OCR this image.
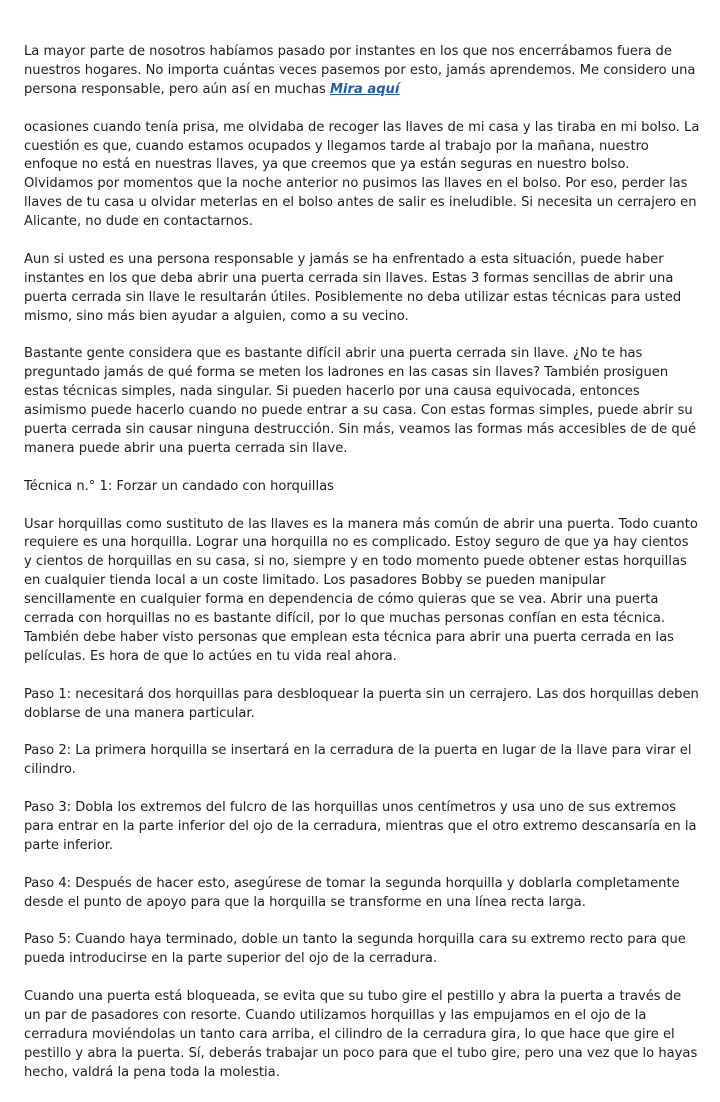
La mayor parte de nosotros habíamos pasado por instantes en los que nos encerrábamos fuera de nuestros hogares. No importa cuántas veces pasemos por esto, jamás aprendemos. Me considero una persona responsable, pero aún así en muchas Mira aquí

ocasiones cuando tenía prisa, me olvidaba de recoger las llaves de mi casa y las tiraba en mi bolso. La cuestión es que, cuando estamos ocupados y llegamos tarde al trabajo por la mañana, nuestro enfoque no está en nuestras llaves, ya que creemos que ya están seguras en nuestro bolso. Olvidamos por momentos que la noche anterior no pusimos las llaves en el bolso. Por eso, perder las llaves de tu casa u olvidar meterlas en el bolso antes de salir es ineludible. Si necesita un cerrajero en Alicante, no dude en contactarnos.

Aun si usted es una persona responsable y jamás se ha enfrentado a esta situación, puede haber instantes en los que deba abrir una puerta cerrada sin llaves. Estas 3 formas sencillas de abrir una puerta cerrada sin llave le resultarán útiles. Posiblemente no deba utilizar estas técnicas para usted mismo, sino más bien ayudar a alguien, como a su vecino.

Bastante gente considera que es bastante difícil abrir una puerta cerrada sin llave. ¿No te has preguntado jamás de qué forma se meten los ladrones en las casas sin llaves? También prosiguen estas técnicas simples, nada singular. Si pueden hacerlo por una causa equivocada, entonces asimismo puede hacerlo cuando no puede entrar a su casa. Con estas formas simples, puede abrir su puerta cerrada sin causar ninguna destrucción. Sin más, veamos las formas más accesibles de de qué manera puede abrir una puerta cerrada sin llave.

Técnica n.° 1: Forzar un candado con horquillas

Usar horquillas como sustituto de las llaves es la manera más común de abrir una puerta. Todo cuanto requiere es una horquilla. Lograr una horquilla no es complicado. Estoy seguro de que ya hay cientos y cientos de horquillas en su casa, si no, siempre y en todo momento puede obtener estas horquillas en cualquier tienda local a un coste limitado. Los pasadores Bobby se pueden manipular sencillamente en cualquier forma en dependencia de cómo quieras que se vea. Abrir una puerta cerrada con horquillas no es bastante difícil, por lo que muchas personas confían en esta técnica. También debe haber visto personas que emplean esta técnica para abrir una puerta cerrada en las películas. Es hora de que lo actúes en tu vida real ahora.

Paso 1: necesitará dos horquillas para desbloquear la puerta sin un cerrajero. Las dos horquillas deben doblarse de una manera particular.

Paso 2: La primera horquilla se insertará en la cerradura de la puerta en lugar de la llave para virar el cilindro.

Paso 3: Dobla los extremos del fulcro de las horquillas unos centímetros y usa uno de sus extremos para entrar en la parte inferior del ojo de la cerradura, mientras que el otro extremo descansaría en la parte inferior.

Paso 4: Después de hacer esto, asegúrese de tomar la segunda horquilla y doblarla completamente desde el punto de apoyo para que la horquilla se transforme en una línea recta larga.

Paso 5: Cuando haya terminado, doble un tanto la segunda horquilla cara su extremo recto para que pueda introducirse en la parte superior del ojo de la cerradura.

Cuando una puerta está bloqueada, se evita que su tubo gire el pestillo y abra la puerta a través de un par de pasadores con resorte. Cuando utilizamos horquillas y las empujamos en el ojo de la cerradura moviéndolas un tanto cara arriba, el cilindro de la cerradura gira, lo que hace que gire el pestillo y abra la puerta. Sí, deberás trabajar un poco para que el tubo gire, pero una vez que lo hayas hecho, valdrá la pena toda la molestia.
